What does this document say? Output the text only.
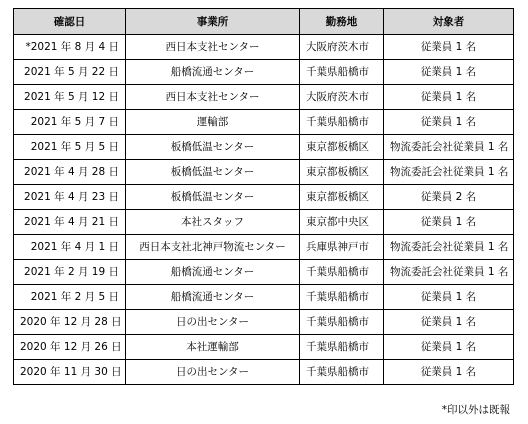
確認日	事業所	勤務地	対象者
*2021 年 8 月 4 日	西日本支社センター	大阪府茨木市	従業員 1 名
2021 年 5 月 22 日	船橋流通センター	千葉県船橋市	従業員 1 名
2021 年 5 月 12 日	西日本支社センター	大阪府茨木市	従業員 1 名
2021 年 5 月 7 日	運輸部	千葉県船橋市	従業員 1 名
2021 年 5 月 5 日	板橋低温センター	東京都板橋区	物流委託会社従業員 1 名
2021 年 4 月 28 日	板橋低温センター	東京都板橋区	物流委託会社従業員 1 名
2021 年 4 月 23 日	板橋低温センター	東京都板橋区	従業員 2 名
2021 年 4 月 21 日	本社スタッフ	東京都中央区	従業員 1 名
2021 年 4 月 1 日	西日本支社北神戸物流センター	兵庫県神戸市	物流委託会社従業員 1 名
2021 年 2 月 19 日	船橋流通センター	千葉県船橋市	物流委託会社従業員 1 名
2021 年 2 月 5 日	船橋流通センター	千葉県船橋市	従業員 1 名
2020 年 12 月 28 日	日の出センター	千葉県船橋市	従業員 1 名
2020 年 12 月 26 日	本社運輸部	千葉県船橋市	従業員 1 名
2020 年 11 月 30 日	日の出センター	千葉県船橋市	従業員 1 名
*印以外は既報
